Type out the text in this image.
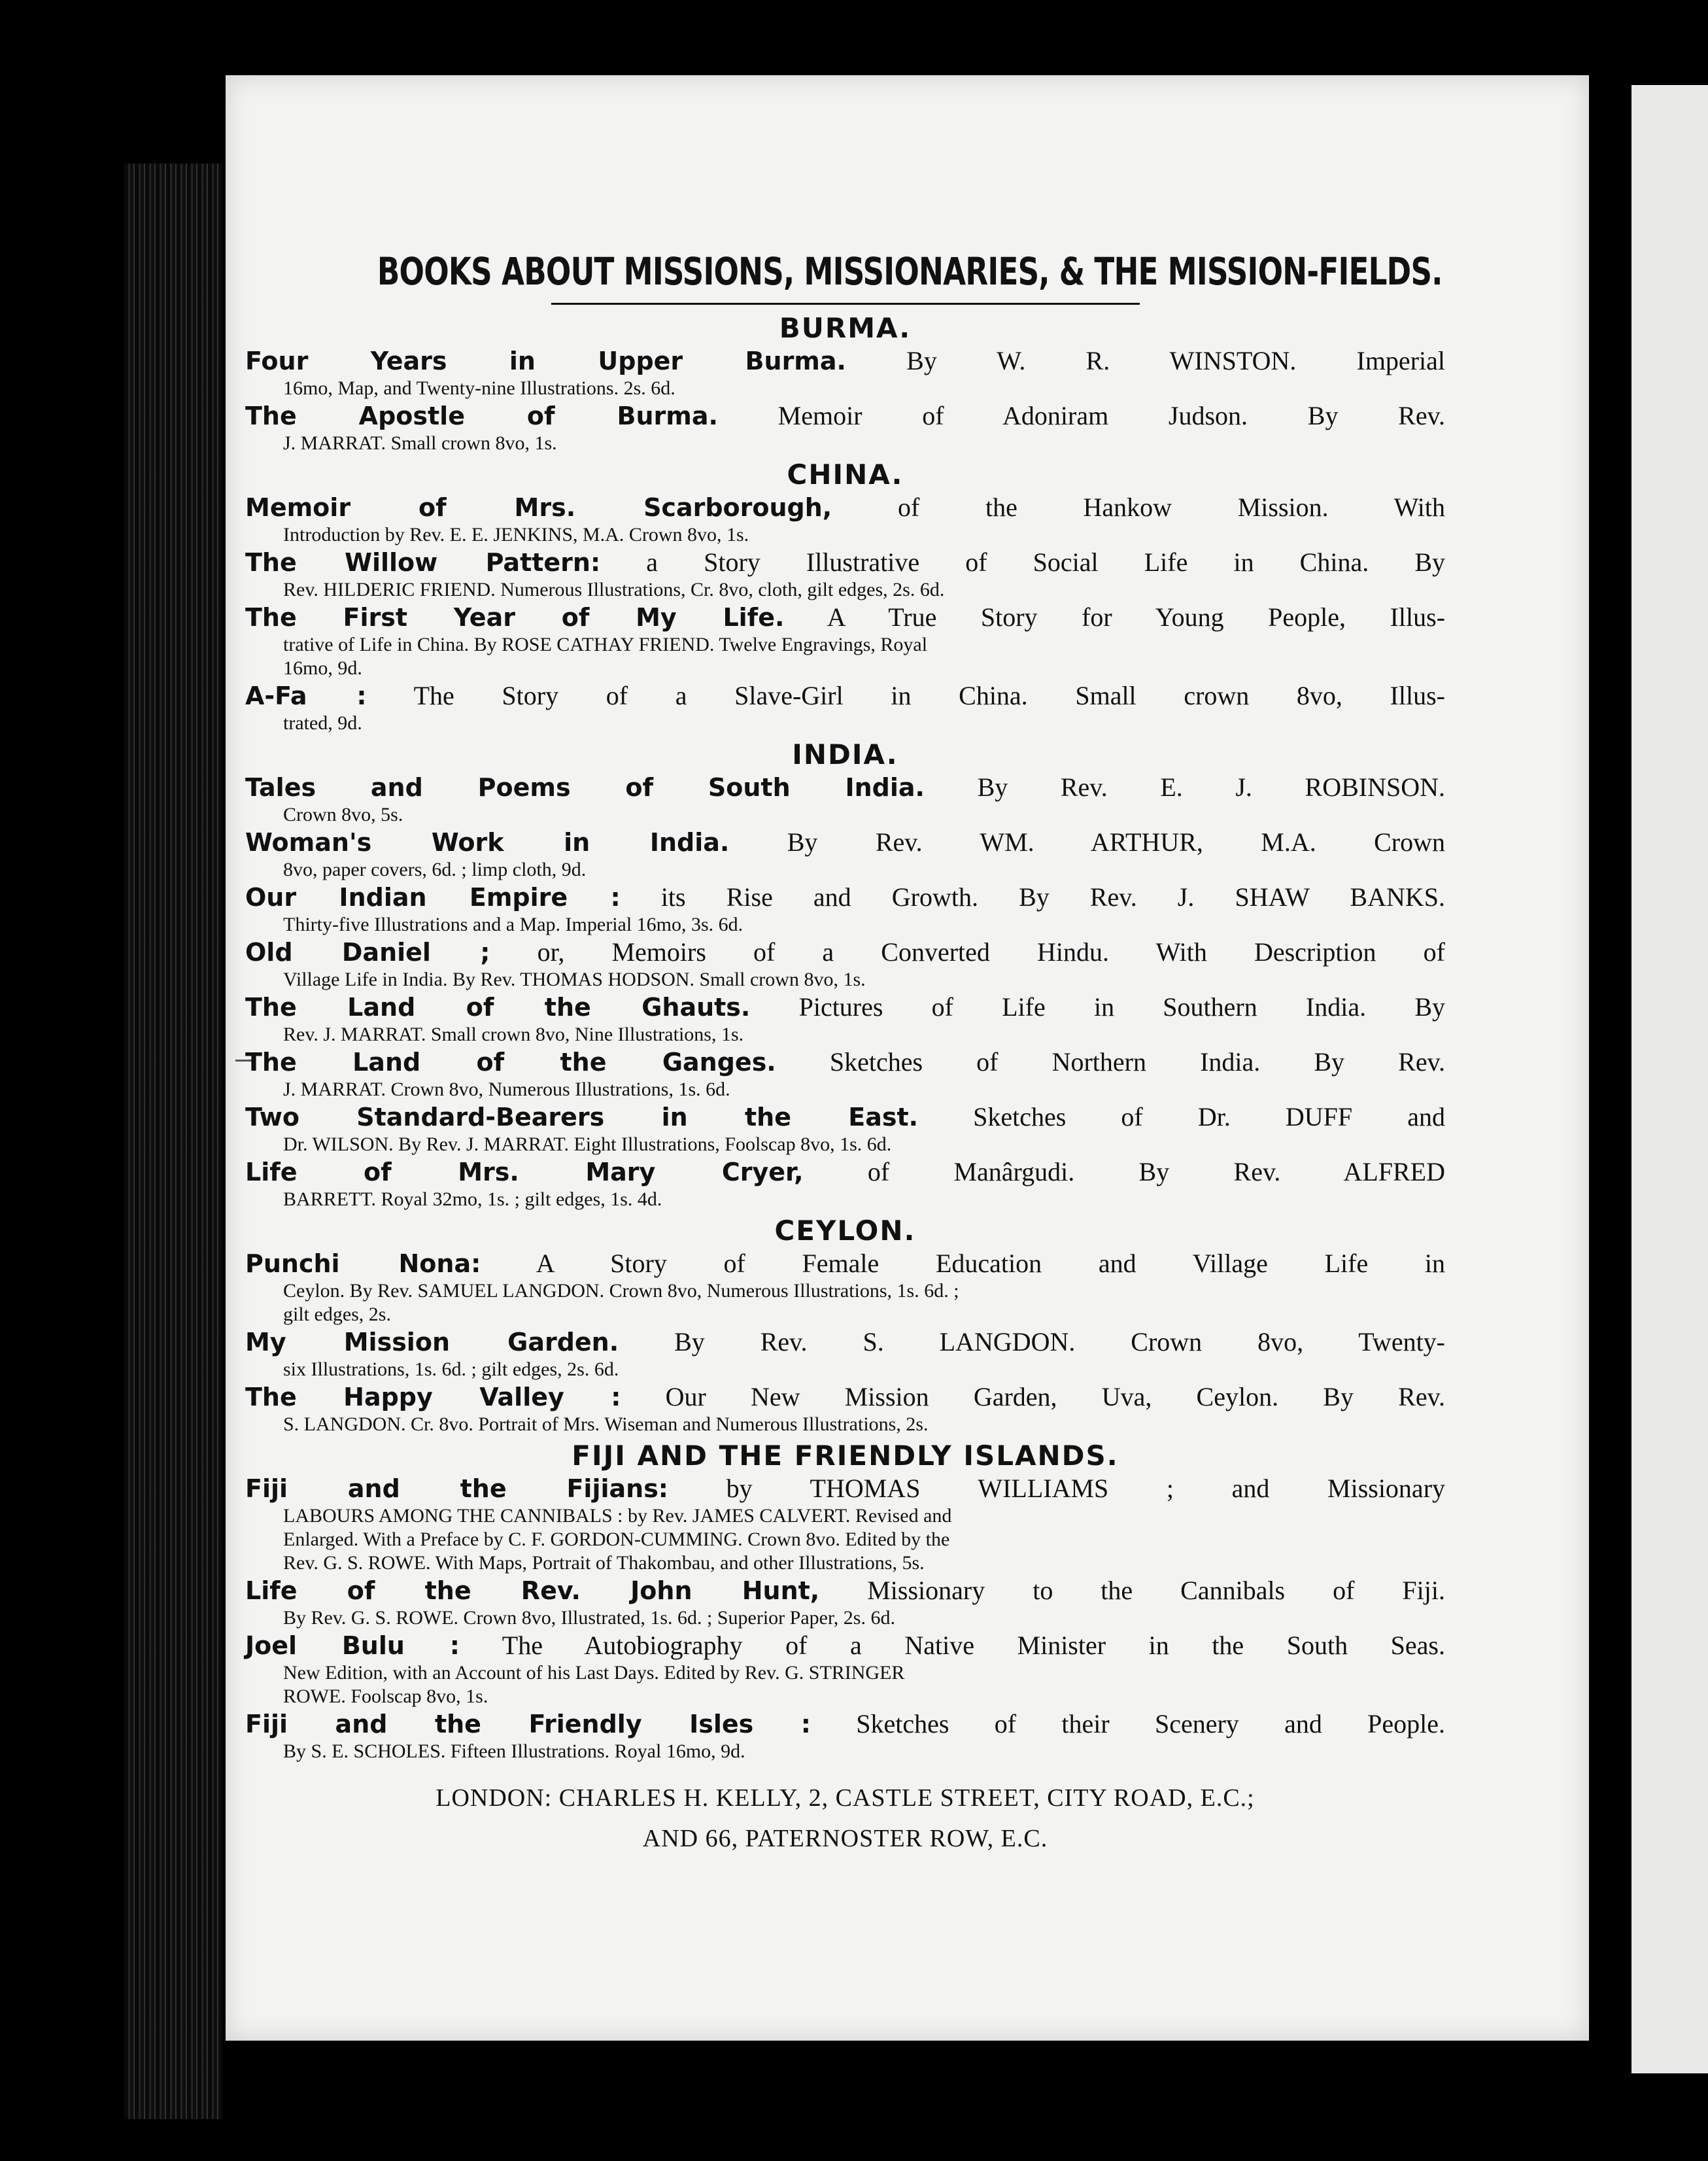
BOOKS ABOUT MISSIONS, MISSIONARIES, & THE MISSION-FIELDS.
BURMA.
Four Years in Upper Burma. By W. R. WINSTON. Imperial
16mo, Map, and Twenty-nine Illustrations. 2s. 6d.
The Apostle of Burma. Memoir of Adoniram Judson. By Rev.
J. MARRAT. Small crown 8vo, 1s.
CHINA.
Memoir of Mrs. Scarborough,	of the Hankow Mission. With
Introduction by Rev. E. E. JENKINS, M.A. Crown 8vo, 1s.
The Willow Pattern: a Story Illustrative of Social Life in China. By
Rev. HILDERIC FRIEND. Numerous Illustrations, Cr. 8vo, cloth, gilt edges, 2s. 6d.
The First Year of My Life. A True Story for Young People, Illus-
trative of Life in China. By ROSE CATHAY FRIEND. Twelve Engravings, Royal
16mo, 9d.
A-Fa : The Story of a Slave-Girl in China. Small crown 8vo, Illus-
trated, 9d.
INDIA.
Tales and Poems of South India. By Rev. E. J. ROBINSON.
Crown 8vo, 5s.
Woman's Work in India. By Rev. WM. ARTHUR, M.A. Crown
8vo, paper covers, 6d. ; limp cloth, 9d.
Our Indian Empire : its Rise and Growth. By Rev. J. SHAW BANKS.
Thirty-five Illustrations and a Map. Imperial 16mo, 3s. 6d.
Old Daniel ; or, Memoirs of a Converted Hindu. With Description of
Village Life in India. By Rev. THOMAS HODSON. Small crown 8vo, 1s.
The Land of the Ghauts. Pictures of Life in Southern India. By
Rev. J. MARRAT. Small crown 8vo, Nine Illustrations, 1s.
The Land of the Ganges. Sketches of Northern India. By Rev.
J. MARRAT. Crown 8vo, Numerous Illustrations, 1s. 6d.
Two Standard-Bearers in the East. Sketches of Dr. DUFF and
Dr. WILSON. By Rev. J. MARRAT. Eight Illustrations, Foolscap 8vo, 1s. 6d.
Life of Mrs. Mary Cryer, of Manârgudi. By Rev. ALFRED
BARRETT. Royal 32mo, 1s. ; gilt edges, 1s. 4d.
CEYLON.
Punchi Nona: A Story of Female Education and Village Life in
Ceylon. By Rev. SAMUEL LANGDON. Crown 8vo, Numerous Illustrations, 1s. 6d. ;
gilt edges, 2s.
My Mission Garden. By Rev. S. LANGDON. Crown 8vo, Twenty-
six Illustrations, 1s. 6d. ; gilt edges, 2s. 6d.
The Happy Valley : Our New Mission Garden, Uva, Ceylon. By Rev.
S. LANGDON. Cr. 8vo. Portrait of Mrs. Wiseman and Numerous Illustrations, 2s.
FIJI AND THE FRIENDLY ISLANDS.
Fiji and the Fijians: by THOMAS WILLIAMS ; and Missionary
LABOURS AMONG THE CANNIBALS : by Rev. JAMES CALVERT. Revised and
Enlarged. With a Preface by C. F. GORDON-CUMMING. Crown 8vo. Edited by the
Rev. G. S. ROWE. With Maps, Portrait of Thakombau, and other Illustrations, 5s.
Life of the Rev. John Hunt, Missionary to the Cannibals of Fiji.
By Rev. G. S. ROWE. Crown 8vo, Illustrated, 1s. 6d. ; Superior Paper, 2s. 6d.
Joel Bulu : The Autobiography of a Native Minister in the South Seas.
New Edition, with an Account of his Last Days. Edited by Rev. G. STRINGER
ROWE. Foolscap 8vo, 1s.
Fiji and the Friendly Isles : Sketches of their Scenery and People.
By S. E. SCHOLES. Fifteen Illustrations. Royal 16mo, 9d.
LONDON: CHARLES H. KELLY, 2, CASTLE STREET, CITY ROAD, E.C.;
AND 66, PATERNOSTER ROW, E.C.
